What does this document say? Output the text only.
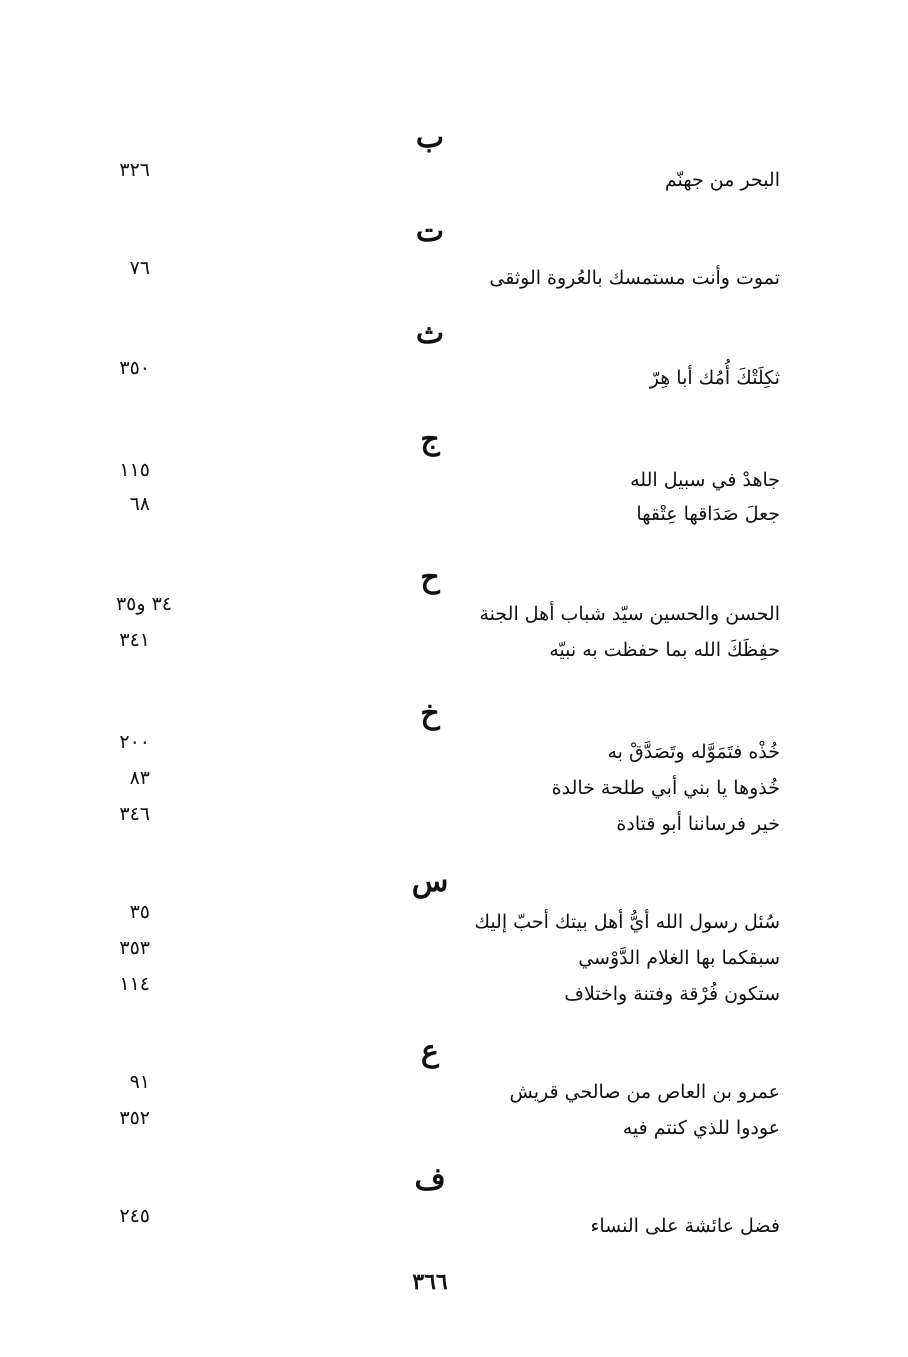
ب
البحر من جهنّم
٣٢٦
ت
تموت وأنت مستمسك بالعُروة الوثقى
٧٦
ث
ثكِلَتْكَ أُمُك أبا هِرّ
٣٥٠
ج
جاهدْ في سبيل الله
١١٥
جعلَ صَدَاقها عِتْقها
٦٨
ح
الحسن والحسين سيّد شباب أهل الجنة
٣٤ و٣٥
حفِظَكَ الله بما حفظت به نبيّه
٣٤١
خ
خُذْه فتَمَوَّله وتَصَدَّقْ به
٢٠٠
خُذوها يا بني أبي طلحة خالدة
٨٣
خير فرساننا أبو قتادة
٣٤٦
س
سُئل رسول الله أيُّ أهل بيتك أحبّ إليك
٣٥
سبقكما بها الغلام الدَّوْسي
٣٥٣
ستكون فُرْقة وفتنة واختلاف
١١٤
ع
عمرو بن العاص من صالحي قريش
٩١
عودوا للذي كنتم فيه
٣٥٢
ف
فضل عائشة على النساء
٢٤٥
٣٦٦
